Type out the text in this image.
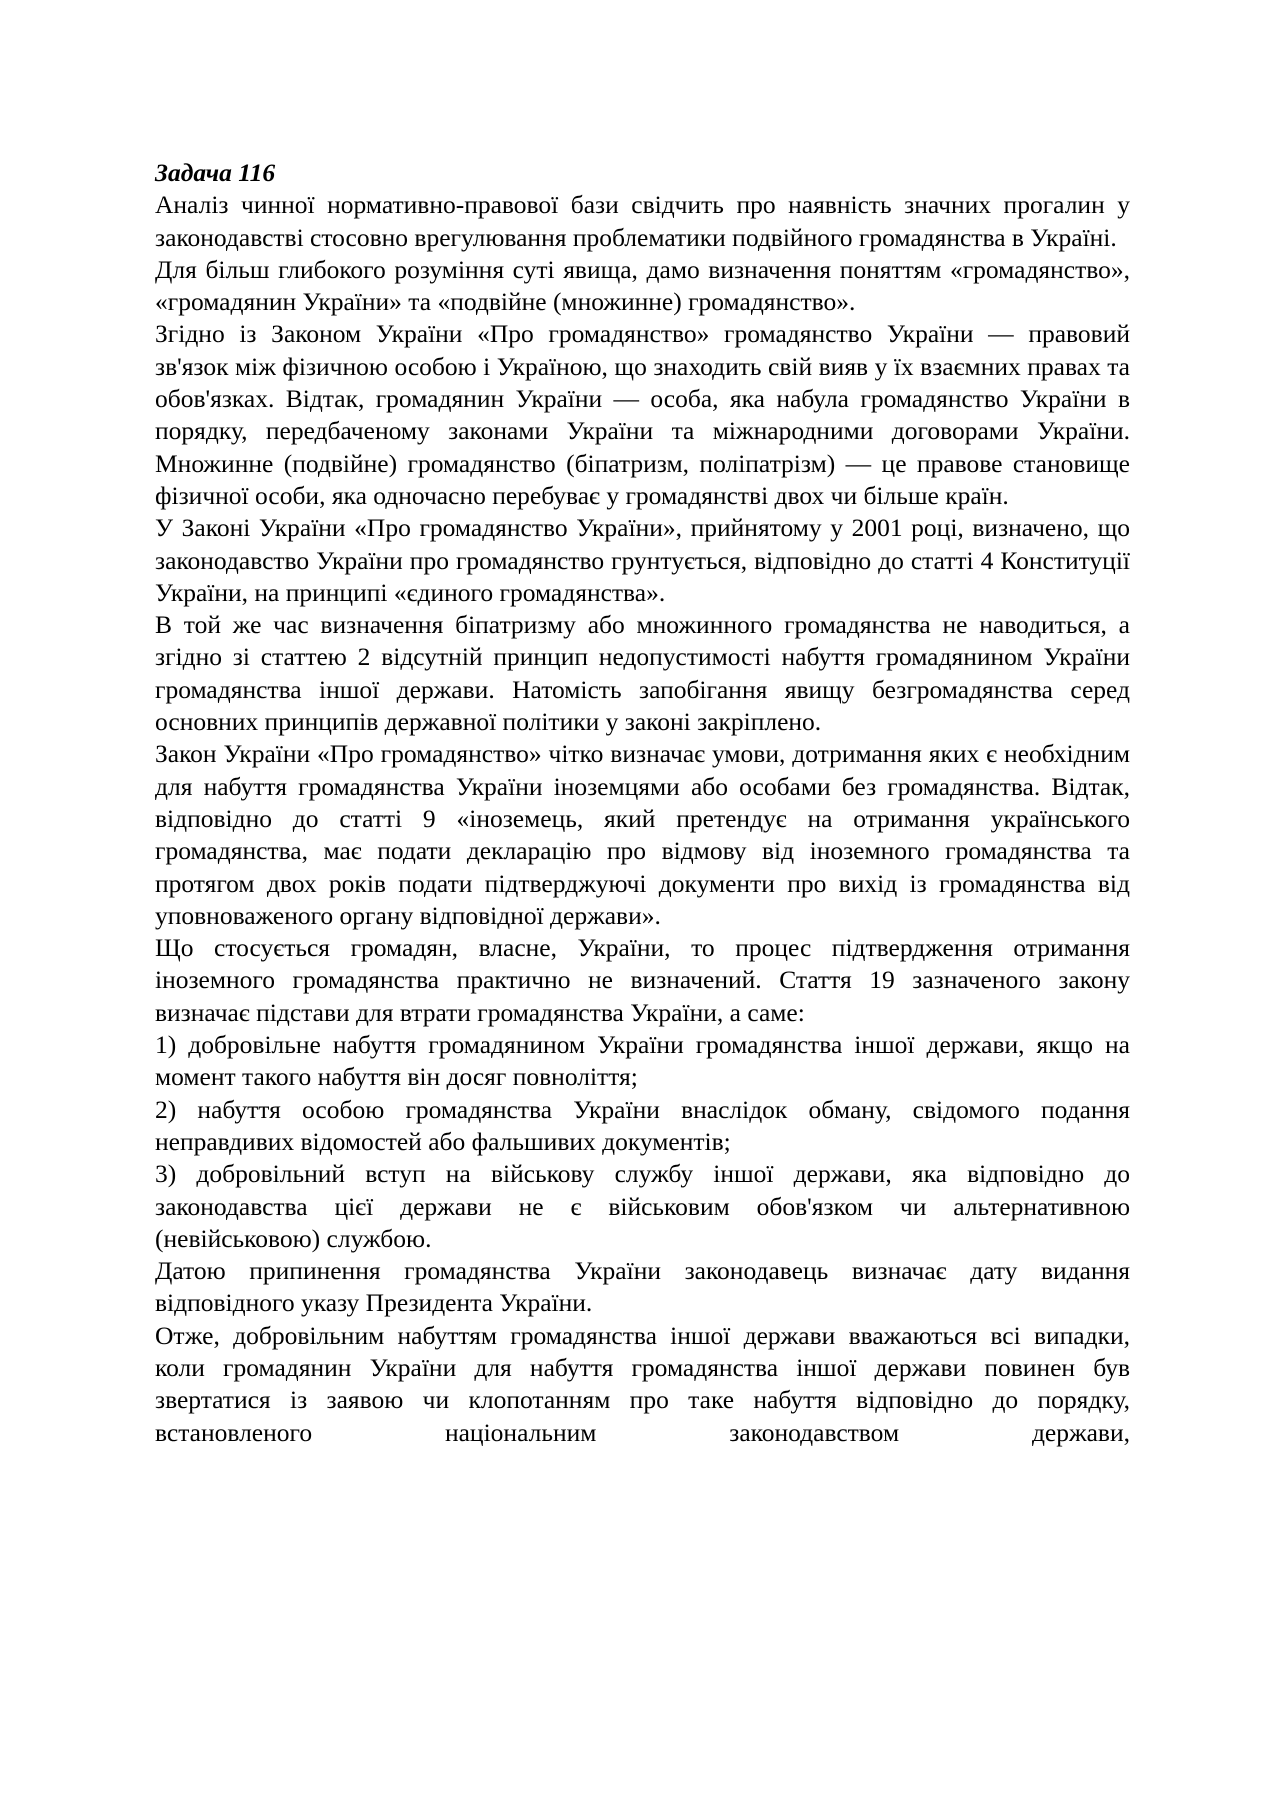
Задача 116

Аналіз чинної нормативно-правової бази свідчить про наявність значних прогалин у законодавстві стосовно врегулювання проблематики подвійного громадянства в Україні.

Для більш глибокого розуміння суті явища, дамо визначення поняттям «громадянство», «громадянин України» та «подвійне (множинне) громадянство».

Згідно із Законом України «Про громадянство» громадянство України — правовий зв'язок між фізичною особою і Україною, що знаходить свій вияв у їх взаємних правах та обов'язках. Відтак, громадянин України — особа, яка набула громадянство України в порядку, передбаченому законами України та міжнародними договорами України. Множинне (подвійне) громадянство (біпатризм, поліпатрізм) — це правове становище фізичної особи, яка одночасно перебуває у громадянстві двох чи більше країн.

У Законі України «Про громадянство України», прийнятому у 2001 році, визначено, що законодавство України про громадянство грунтується, відповідно до статті 4 Конституції України, на принципі «єдиного громадянства».

В той же час визначення біпатризму або множинного громадянства не наводиться, а згідно зі статтею 2 відсутній принцип недопустимості набуття громадянином України громадянства іншої держави. Натомість запобігання явищу безгромадянства серед основних принципів державної політики у законі закріплено.

Закон України «Про громадянство» чітко визначає умови, дотримання яких є необхідним для набуття громадянства України іноземцями або особами без громадянства. Відтак, відповідно до статті 9 «іноземець, який претендує на отримання українського громадянства, має подати декларацію про відмову від іноземного громадянства та протягом двох років подати підтверджуючі документи про вихід із громадянства від уповноваженого органу відповідної держави».

Що стосується громадян, власне, України, то процес підтвердження отримання іноземного громадянства практично не визначений. Стаття 19 зазначеного закону визначає підстави для втрати громадянства України, а саме:

1) добровільне набуття громадянином України громадянства іншої держави, якщо на момент такого набуття він досяг повноліття;

2) набуття особою громадянства України внаслідок обману, свідомого подання неправдивих відомостей або фальшивих документів;

3) добровільний вступ на військову службу іншої держави, яка відповідно до законодавства цієї держави не є військовим обов'язком чи альтернативною (невійськовою) службою.

Датою припинення громадянства України законодавець визначає дату видання відповідного указу Президента України.

Отже, добровільним набуттям громадянства іншої держави вважаються всі випадки, коли громадянин України для набуття громадянства іншої держави повинен був звертатися із заявою чи клопотанням про таке набуття відповідно до порядку, встановленого національним законодавством держави,
